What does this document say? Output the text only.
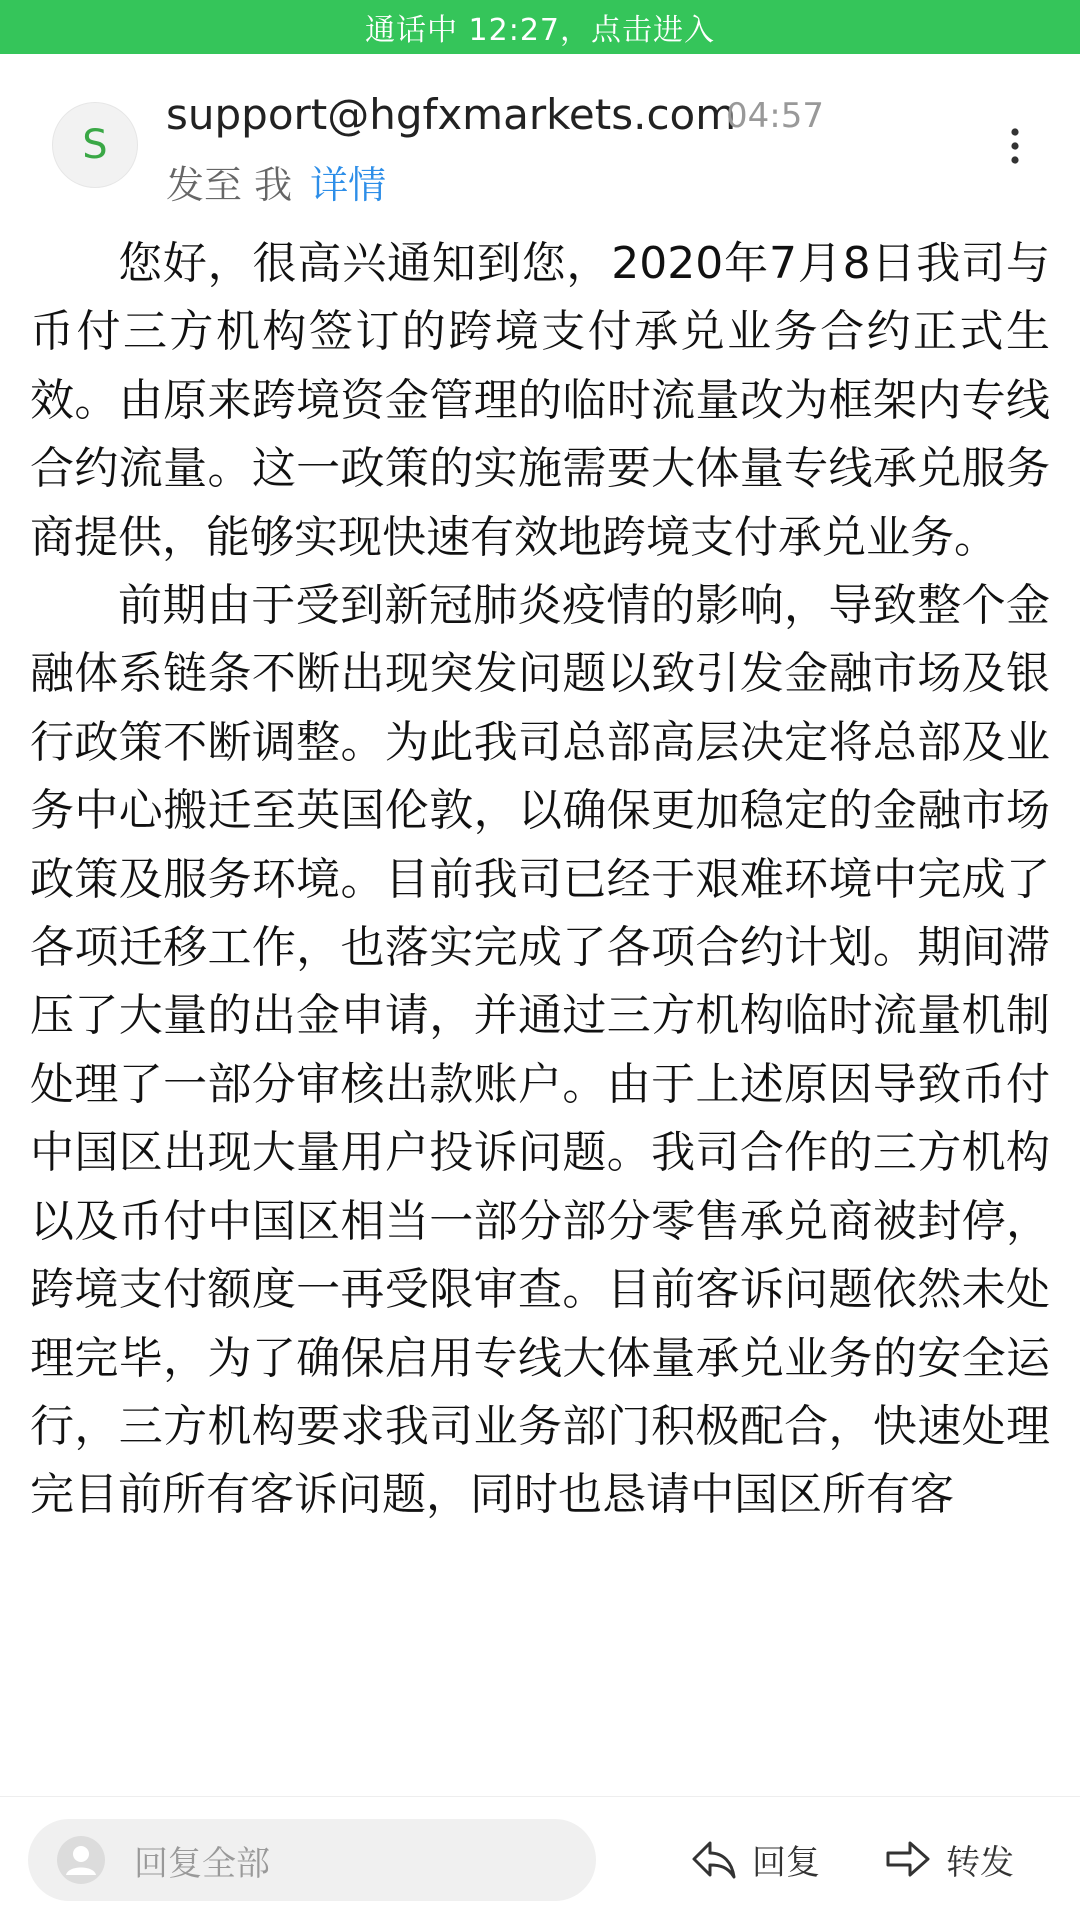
通话中 12:27，点击进入
S
support@hgfxmarkets.com
04:57
发至 我 详情

您好，很高兴通知到您，2020年7月8日我司与币付三方机构签订的跨境支付承兑业务合约正式生效。由原来跨境资金管理的临时流量改为框架内专线合约流量。这一政策的实施需要大体量专线承兑服务商提供，能够实现快速有效地跨境支付承兑业务。

前期由于受到新冠肺炎疫情的影响，导致整个金融体系链条不断出现突发问题以致引发金融市场及银行政策不断调整。为此我司总部高层决定将总部及业务中心搬迁至英国伦敦，以确保更加稳定的金融市场政策及服务环境。目前我司已经于艰难环境中完成了各项迁移工作，也落实完成了各项合约计划。期间滞压了大量的出金申请，并通过三方机构临时流量机制处理了一部分审核出款账户。由于上述原因导致币付中国区出现大量用户投诉问题。我司合作的三方机构以及币付中国区相当一部分部分零售承兑商被封停，跨境支付额度一再受限审查。目前客诉问题依然未处理完毕，为了确保启用专线大体量承兑业务的安全运行，三方机构要求我司业务部门积极配合，快速处理完目前所有客诉问题，同时也恳请中国区所有客

回复全部	回复	转发
